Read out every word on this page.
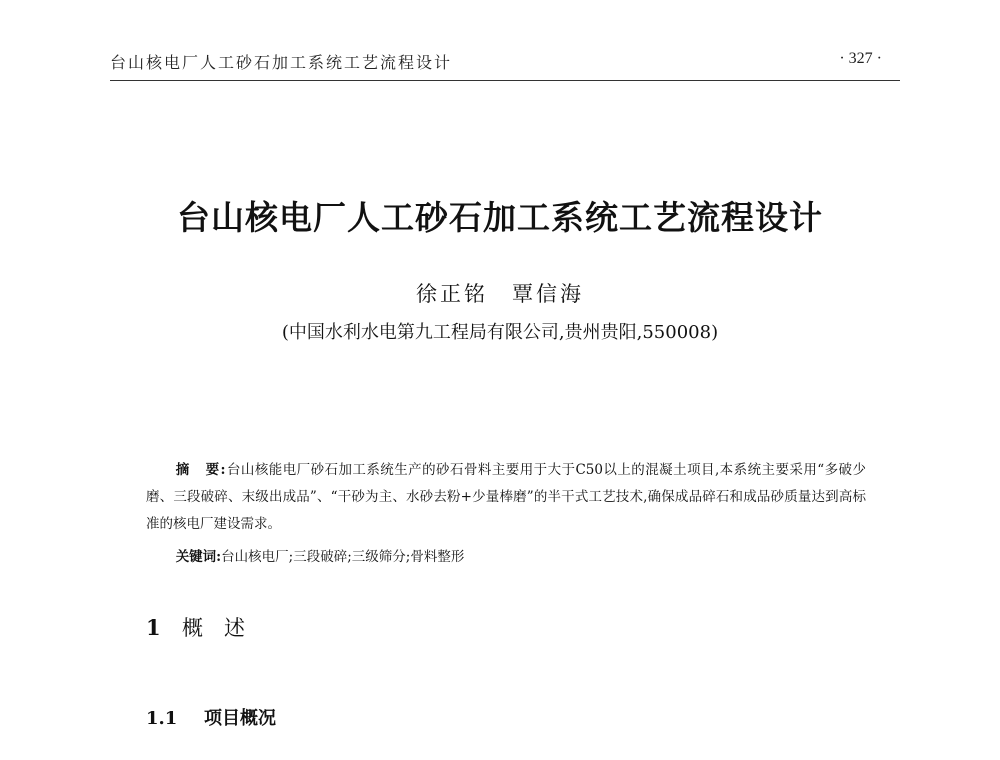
台山核电厂人工砂石加工系统工艺流程设计	· 327 ·
台山核电厂人工砂石加工系统工艺流程设计
徐正铭　覃信海
(中国水利水电第九工程局有限公司,贵州贵阳,550008)

摘　要:台山核能电厂砂石加工系统生产的砂石骨料主要用于大于C50以上的混凝土项目,本系统主要采用“多破少磨、三段破碎、末级出成品”、“干砂为主、水砂去粉+少量棒磨”的半干式工艺技术,确保成品碎石和成品砂质量达到高标准的核电厂建设需求。

关键词:台山核电厂;三段破碎;三级筛分;骨料整形
1 概　述
1.1 项目概况
